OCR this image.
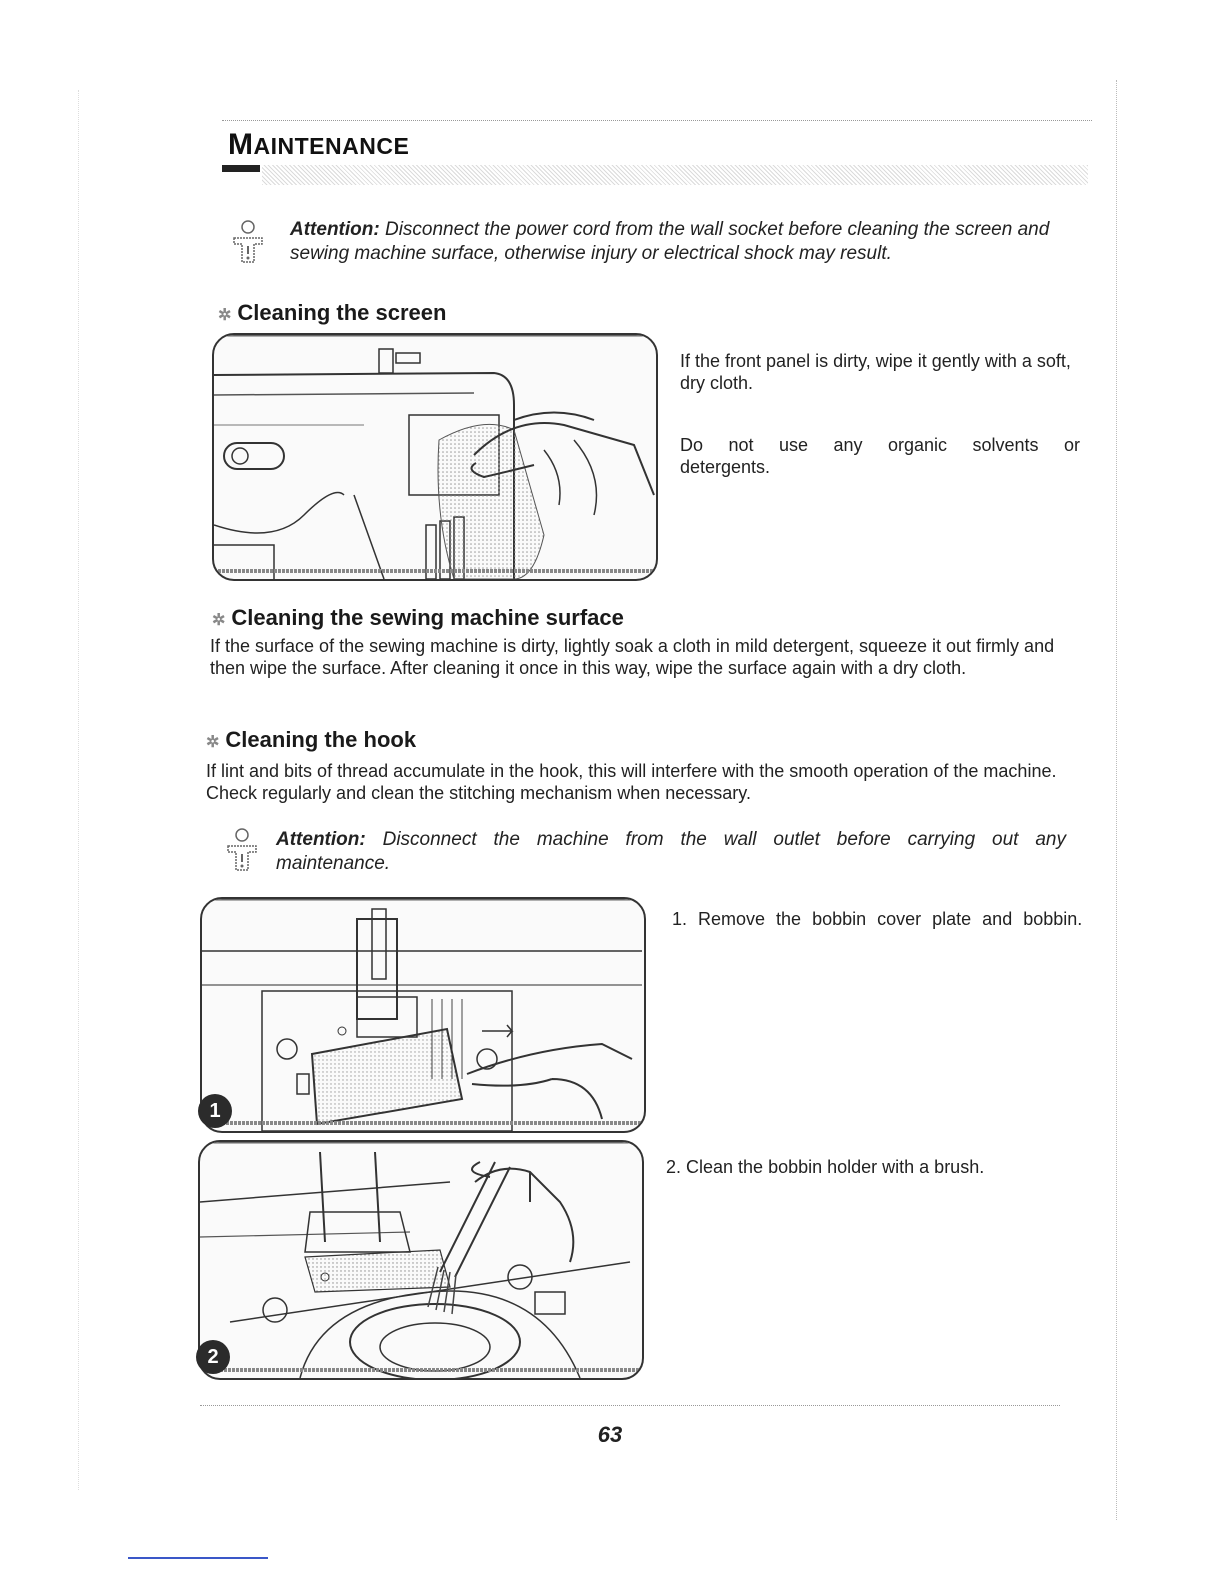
MAINTENANCE
Attention: Disconnect the power cord from the wall socket before cleaning the screen and sewing machine surface, otherwise injury or electrical shock may result.
✲ Cleaning the screen
If the front panel is dirty, wipe it gently with a soft, dry cloth.
Do not use any organic solvents or detergents.
✲ Cleaning the sewing machine surface
If the surface of the sewing machine is dirty, lightly soak a cloth in mild detergent, squeeze it out firmly and then wipe the surface. After cleaning it once in this way, wipe the surface again with a dry cloth.
✲ Cleaning the hook
If lint and bits of thread accumulate in the hook, this will interfere with the smooth operation of the machine. Check regularly and clean the stitching mechanism when necessary.
Attention: Disconnect the machine from the wall outlet before carrying out any maintenance.
1
1. Remove the bobbin cover plate and bobbin.
2
2. Clean the bobbin holder with a brush.
63
